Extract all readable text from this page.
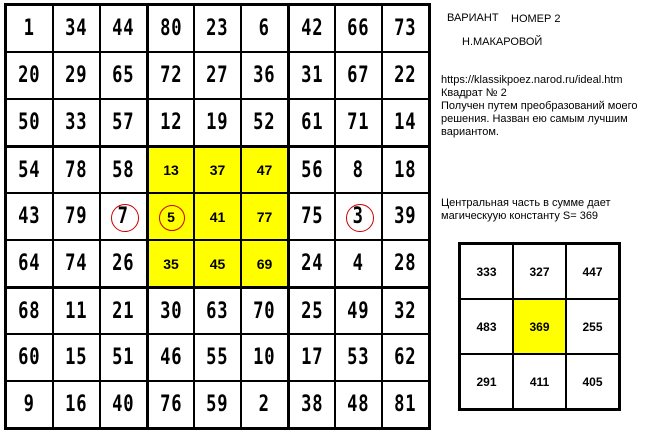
1 34 44 80 23 6 42 66 73
20 29 65 72 27 36 31 67 22
50 33 57 12 19 52 61 71 14
54 78 58 13 37 47 56 8 18
43 79 7	5 41 77 75 3 39
64 74 26 35 45 69 24 4 28
68 11 21 30 63 70 25 49 32
60 15 51 46 55 10 17 53 62
9 16 40 76 59 2 38 48 81
ВАРИАНТ НОМЕР 2
Н.МАКАРОВОЙ
https://klassikpoez.narod.ru/ideal.htm
Квадрат № 2
Получен путем преобразований моего решения. Назван ею самым лучшим вариантом.
Центральная часть в сумме дает магическуую константу S= 369
333	327	447
483	369	255
291	411	405
